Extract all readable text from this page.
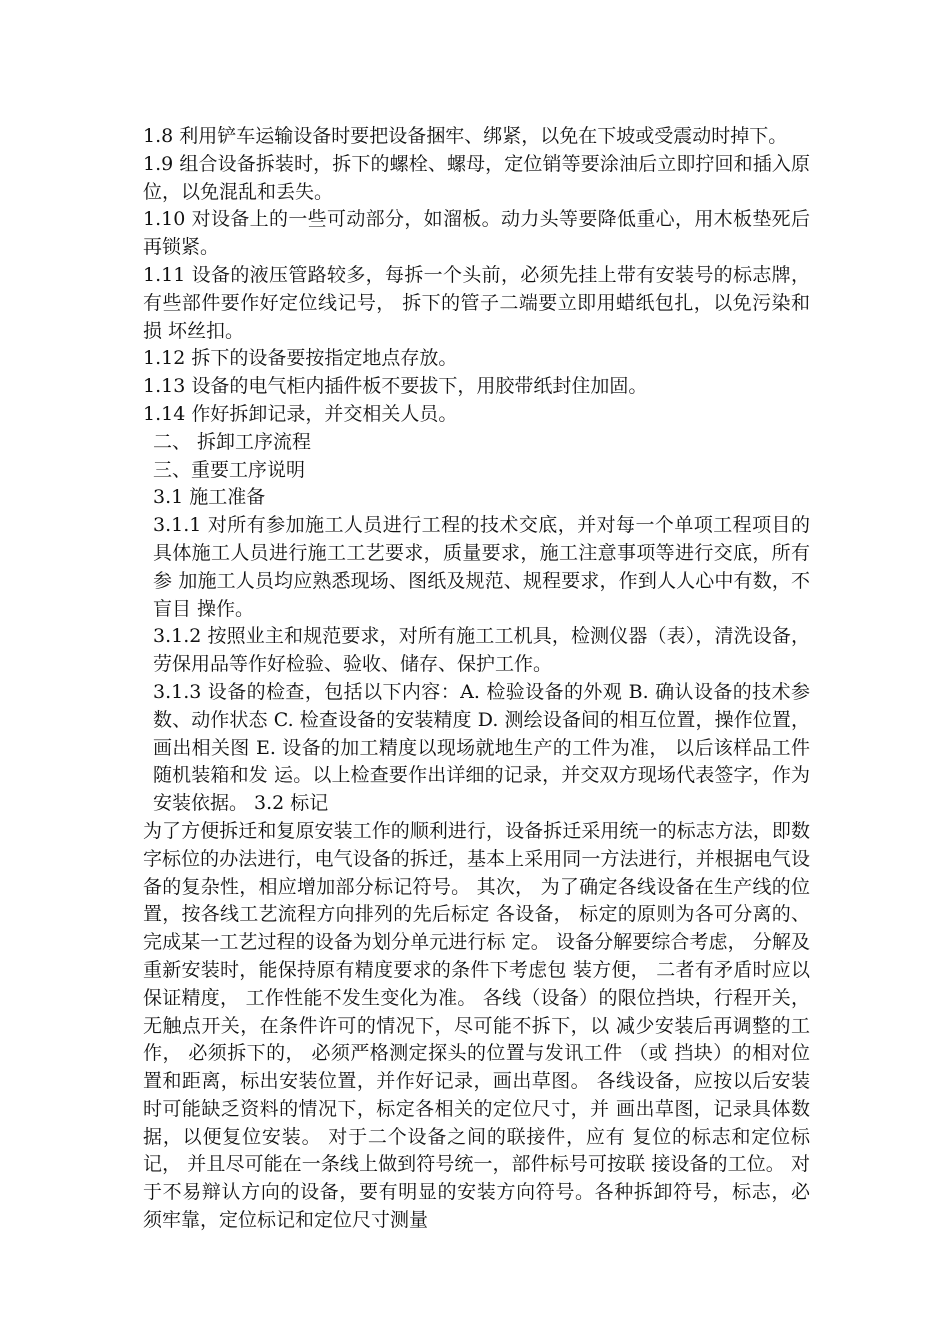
1.8 利用铲车运输设备时要把设备捆牢、绑紧，以免在下坡或受震动时掉下。

1.9 组合设备拆装时，拆下的螺栓、螺母，定位销等要涂油后立即拧回和插入原 位，以免混乱和丢失。

1.10 对设备上的一些可动部分，如溜板。动力头等要降低重心，用木板垫死后 再锁紧。

1.11 设备的液压管路较多，每拆一个头前，必须先挂上带有安装号的标志牌， 有些部件要作好定位线记号， 拆下的管子二端要立即用蜡纸包扎，以免污染和损 坏丝扣。

1.12 拆下的设备要按指定地点存放。

1.13 设备的电气柜内插件板不要拔下，用胶带纸封住加固。

1.14 作好拆卸记录，并交相关人员。

二、 拆卸工序流程

三、重要工序说明

3.1 施工准备

3.1.1 对所有参加施工人员进行工程的技术交底，并对每一个单项工程项目的 具体施工人员进行施工工艺要求，质量要求，施工注意事项等进行交底，所有参 加施工人员均应熟悉现场、图纸及规范、规程要求，作到人人心中有数，不盲目 操作。

3.1.2 按照业主和规范要求，对所有施工工机具，检测仪器（表），清洗设备， 劳保用品等作好检验、验收、储存、保护工作。

3.1.3 设备的检查，包括以下内容：A. 检验设备的外观 B. 确认设备的技术参数、动作状态 C. 检查设备的安装精度 D. 测绘设备间的相互位置，操作位置，画出相关图 E. 设备的加工精度以现场就地生产的工件为准， 以后该样品工件随机装箱和发 运。以上检查要作出详细的记录，并交双方现场代表签字，作为安装依据。 3.2 标记

为了方便拆迁和复原安装工作的顺利进行，设备拆迁采用统一的标志方法，即数 字标位的办法进行，电气设备的拆迁，基本上采用同一方法进行，并根据电气设 备的复杂性，相应增加部分标记符号。 其次， 为了确定各线设备在生产线的位置，按各线工艺流程方向排列的先后标定 各设备， 标定的原则为各可分离的、完成某一工艺过程的设备为划分单元进行标 定。 设备分解要综合考虑， 分解及重新安装时，能保持原有精度要求的条件下考虑包 装方便， 二者有矛盾时应以保证精度， 工作性能不发生变化为准。 各线（设备）的限位挡块，行程开关，无触点开关，在条件许可的情况下，尽可能不拆下，以 减少安装后再调整的工作， 必须拆下的， 必须严格测定探头的位置与发讯工件 （或 挡块）的相对位置和距离，标出安装位置，并作好记录，画出草图。 各线设备，应按以后安装时可能缺乏资料的情况下，标定各相关的定位尺寸，并 画出草图，记录具体数据，以便复位安装。 对于二个设备之间的联接件，应有 复位的标志和定位标记， 并且尽可能在一条线上做到符号统一，部件标号可按联 接设备的工位。 对于不易辩认方向的设备，要有明显的安装方向符号。各种拆卸符号，标志，必 须牢靠，定位标记和定位尺寸测量
